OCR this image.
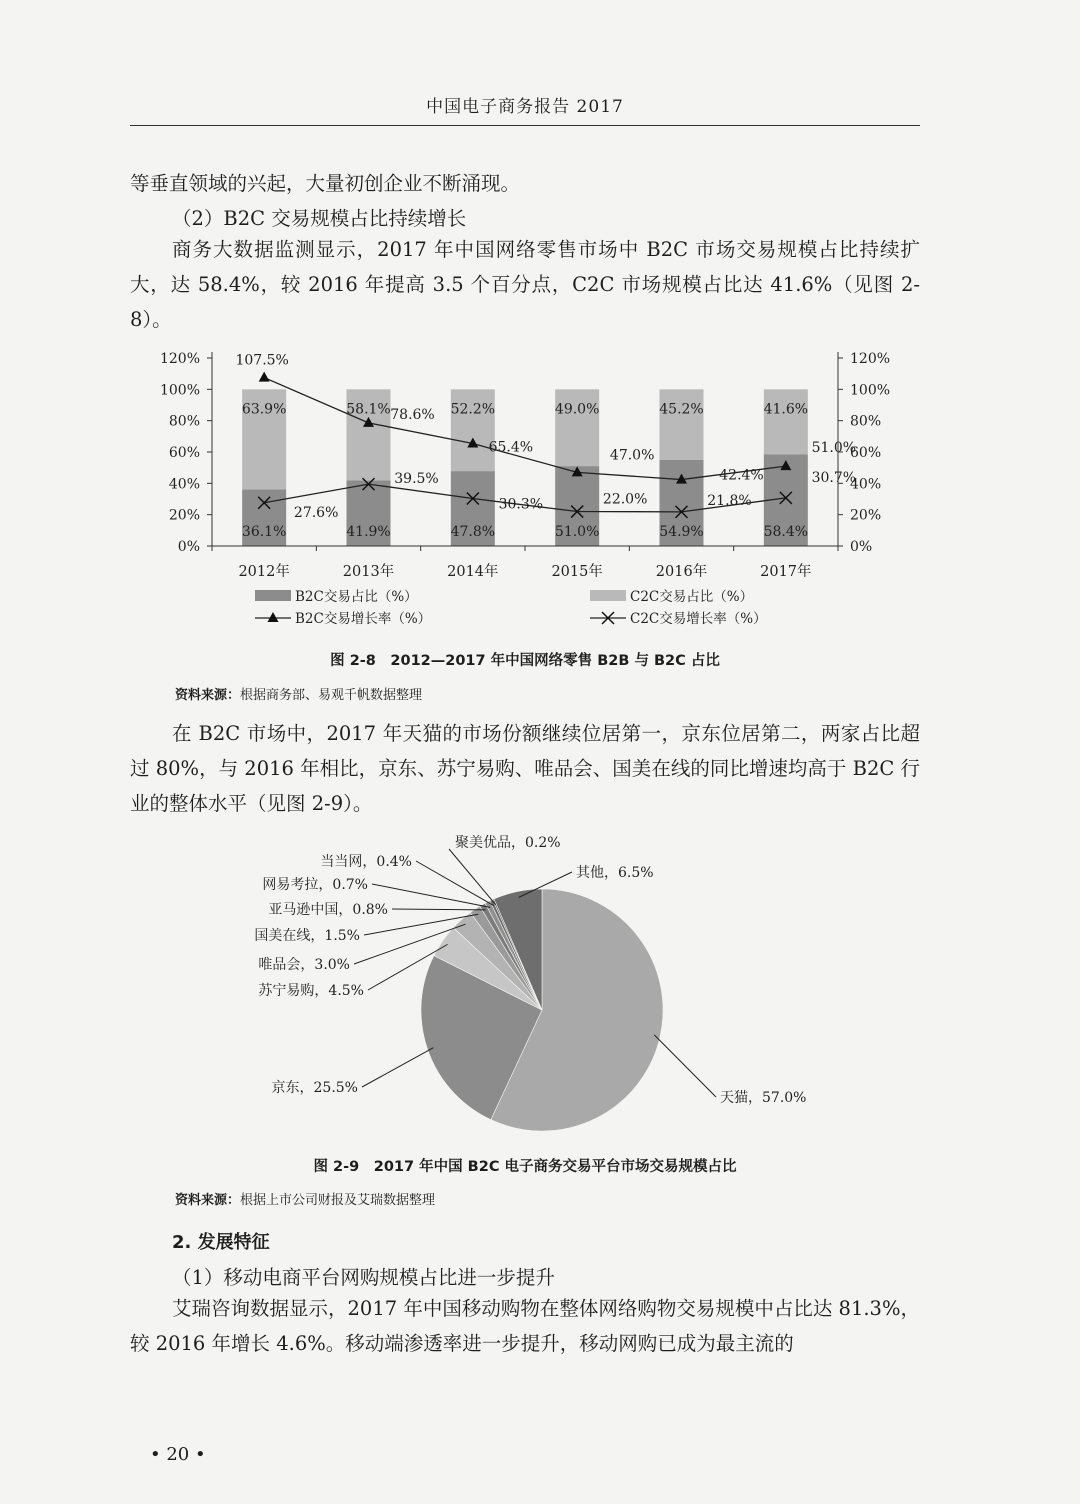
中国电子商务报告 2017
等垂直领域的兴起，大量初创企业不断涌现。
（2）B2C 交易规模占比持续增长

商务大数据监测显示，2017 年中国网络零售市场中 B2C 市场交易规模占比持续扩大，达 58.4%，较 2016 年提高 3.5 个百分点，C2C 市场规模占比达 41.6%（见图 2-8）。

36.1%
63.9%
41.9%
58.1%
47.8%
52.2%
51.0%
49.0%
54.9%
45.2%
58.4%
41.6%
107.5%
78.6%
65.4%	47.0%
42.4%
51.0%
27.6%
39.5%
30.3%	22.0%	21.8%
30.7%
0%	0%
20%	20%
40%	40%
60%	60%
80%	80%
100%	100%
120%	120%
2012年	2013年	2014年	2015年	2016年	2017年
B2C交易占比（%）	C2C交易占比（%）
B2C交易增长率（%）	C2C交易增长率（%）
图 2-8　2012—2017 年中国网络零售 B2B 与 B2C 占比
资料来源：根据商务部、易观千帆数据整理

在 B2C 市场中，2017 年天猫的市场份额继续位居第一，京东位居第二，两家占比超过 80%，与 2016 年相比，京东、苏宁易购、唯品会、国美在线的同比增速均高于 B2C 行业的整体水平（见图 2-9）。

天猫，57.0%
京东，25.5%
苏宁易购，4.5%
唯品会，3.0%
国美在线，1.5%
亚马逊中国，0.8%
网易考拉，0.7%
当当网，0.4%
聚美优品，0.2%
其他，6.5%
图 2-9　2017 年中国 B2C 电子商务交易平台市场交易规模占比
资料来源：根据上市公司财报及艾瑞数据整理
2. 发展特征
（1）移动电商平台网购规模占比进一步提升

艾瑞咨询数据显示，2017 年中国移动购物在整体网络购物交易规模中占比达 81.3%，较 2016 年增长 4.6%。移动端渗透率进一步提升，移动网购已成为最主流的

• 20 •
